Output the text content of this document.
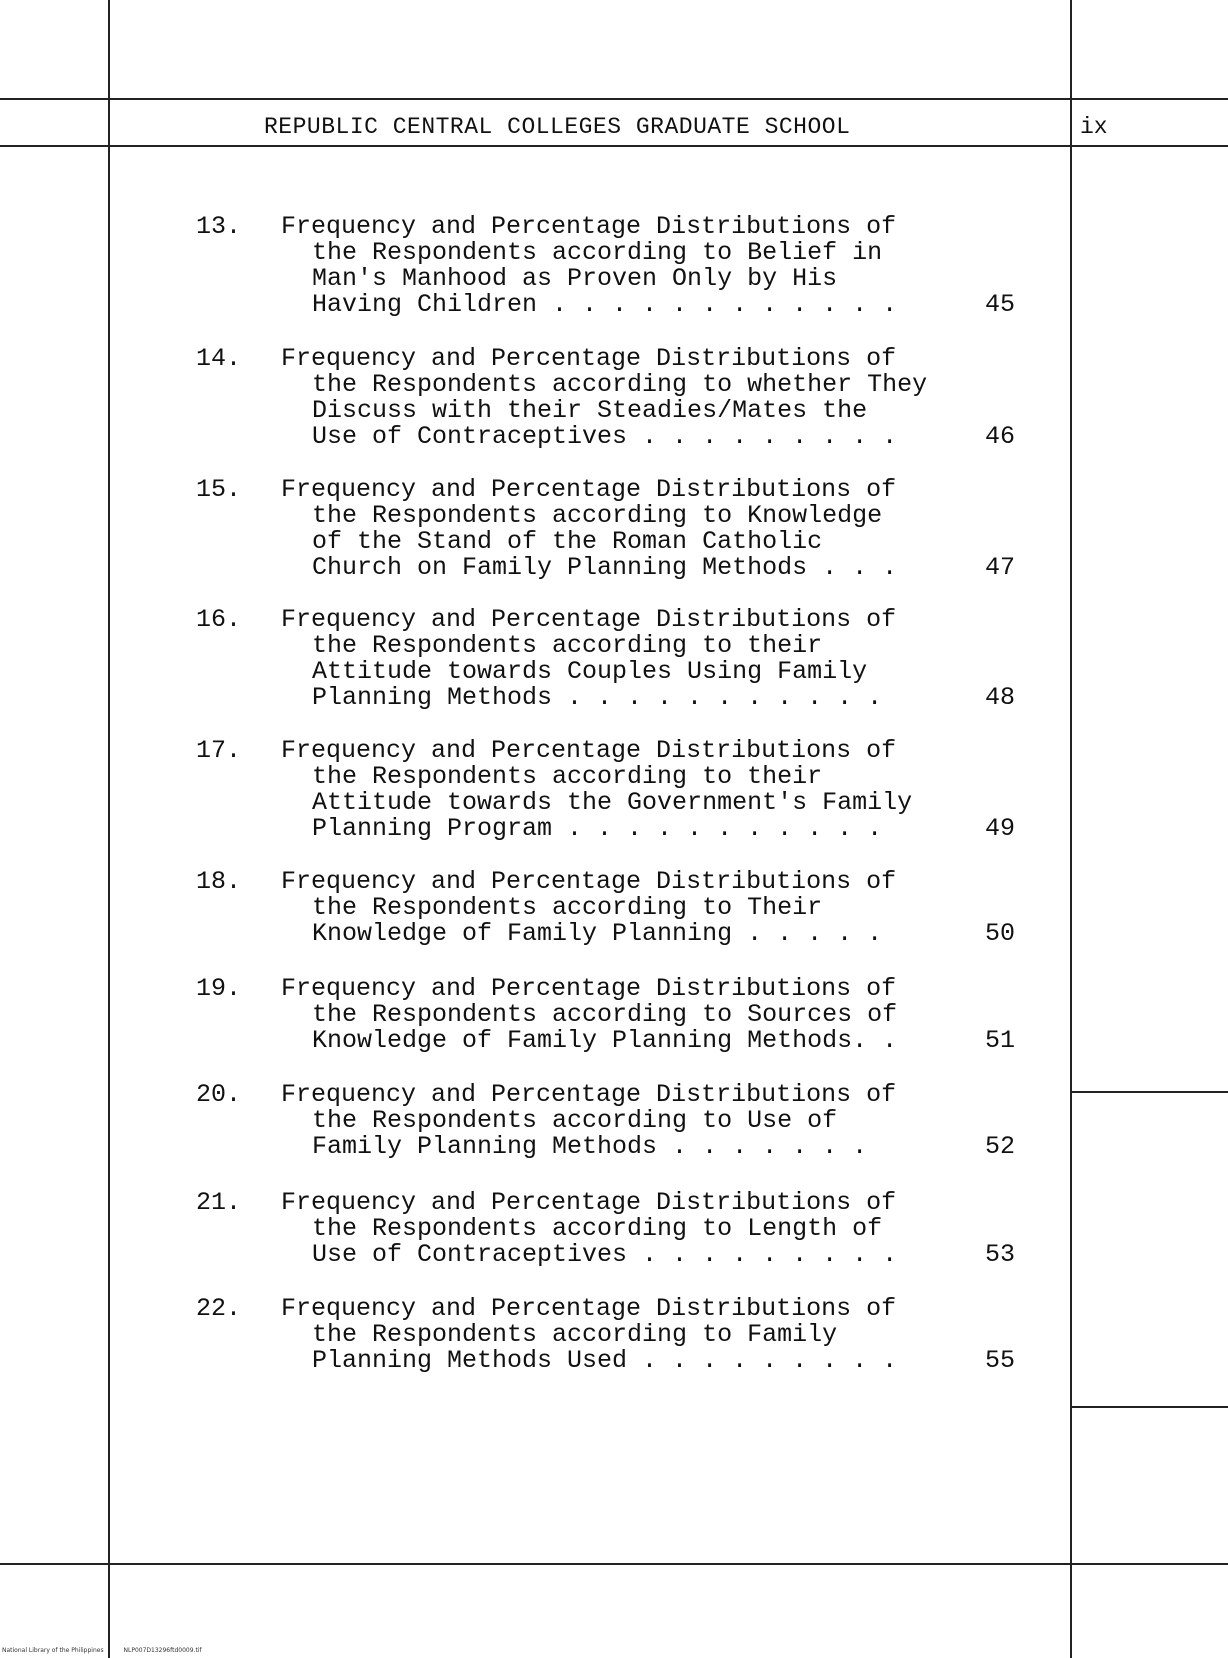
REPUBLIC CENTRAL COLLEGES GRADUATE SCHOOL	ix
13. Frequency and Percentage Distributions of
the Respondents according to Belief in
Man's Manhood as Proven Only by His
Having Children . . . . . . . . . . . .	45
14. Frequency and Percentage Distributions of
the Respondents according to whether They
Discuss with their Steadies/Mates the
Use of Contraceptives . . . . . . . . .	46
15. Frequency and Percentage Distributions of
the Respondents according to Knowledge
of the Stand of the Roman Catholic
Church on Family Planning Methods . . .	47
16. Frequency and Percentage Distributions of
the Respondents according to their
Attitude towards Couples Using Family
Planning Methods . . . . . . . . . . .	48
17. Frequency and Percentage Distributions of
the Respondents according to their
Attitude towards the Government's Family
Planning Program . . . . . . . . . . .	49
18. Frequency and Percentage Distributions of
the Respondents according to Their
Knowledge of Family Planning . . . . .	50
19. Frequency and Percentage Distributions of
the Respondents according to Sources of
Knowledge of Family Planning Methods. .	51
20. Frequency and Percentage Distributions of
the Respondents according to Use of
Family Planning Methods . . . . . . .	52
21. Frequency and Percentage Distributions of
the Respondents according to Length of
Use of Contraceptives . . . . . . . . .	53
22. Frequency and Percentage Distributions of
the Respondents according to Family
Planning Methods Used . . . . . . . . .	55
National Library of the Philippines	NLP007D13296ftd0009.tif
